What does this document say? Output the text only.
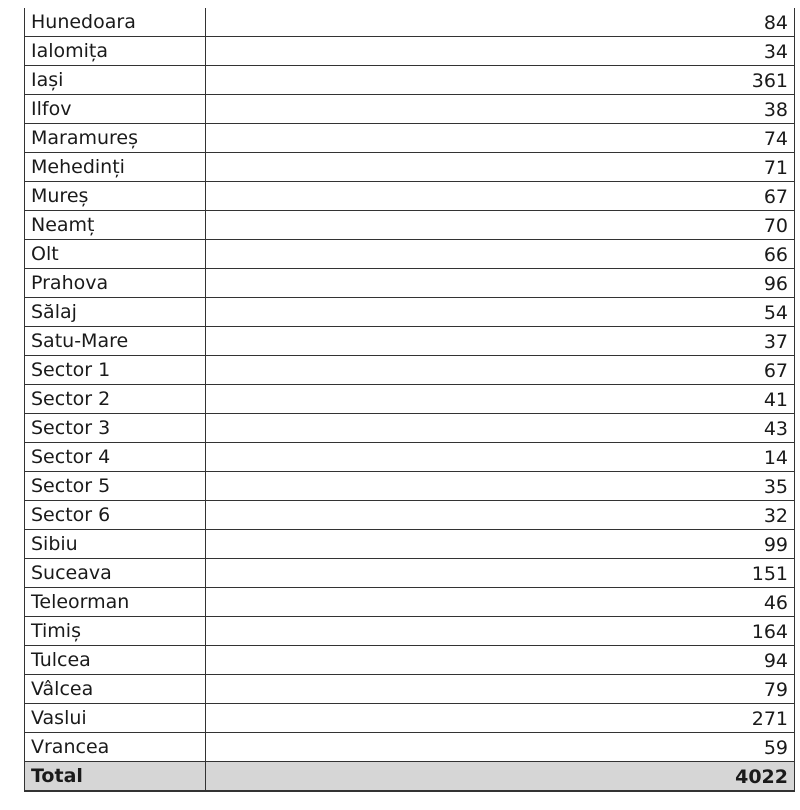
Hunedoara	84
Ialomița	34
Iași	361
Ilfov	38
Maramureș	74
Mehedinți	71
Mureș	67
Neamț	70
Olt	66
Prahova	96
Sălaj	54
Satu-Mare	37
Sector 1	67
Sector 2	41
Sector 3	43
Sector 4	14
Sector 5	35
Sector 6	32
Sibiu	99
Suceava	151
Teleorman	46
Timiș	164
Tulcea	94
Vâlcea	79
Vaslui	271
Vrancea	59
Total	4022
